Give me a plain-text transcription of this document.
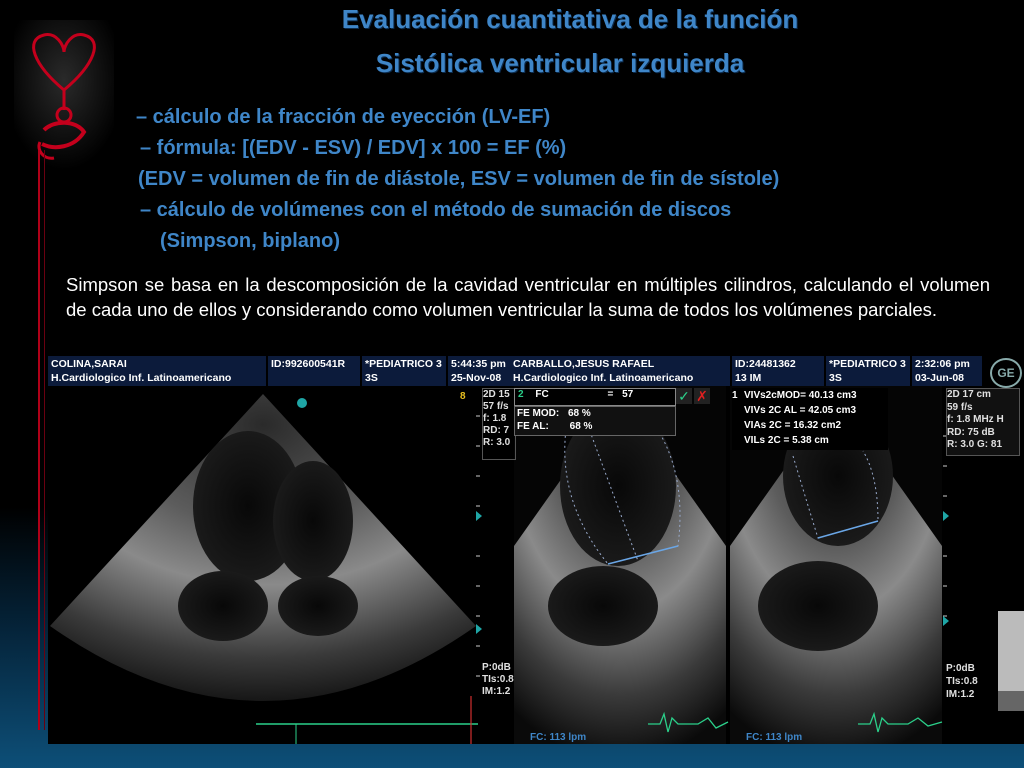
Evaluación cuantitativa de la función
Sistólica ventricular izquierda
– cálculo de la fracción de eyección (LV-EF)
– fórmula: [(EDV - ESV) / EDV] x 100 = EF (%)
(EDV = volumen de fin de diástole, ESV = volumen de fin de sístole)
– cálculo de volúmenes con el método de sumación de discos
(Simpson, biplano)
Simpson se basa en la descomposición de la cavidad ventricular en múltiples cilindros, calculando el volumen de cada uno de ellos y considerando como volumen ventricular la suma de todos los volúmenes parciales.
COLINA,SARAI
H.Cardiologico Inf. Latinoamericano
ID:992600541R	*PEDIATRICO 3
3S
5:44:35 pm
25-Nov-08
8 2D 15
57 f/s
f: 1.8
RD: 7
R: 3.0
P:0dB
TIs:0.8
IM:1.2
CARBALLO,JESUS RAFAEL
H.Cardiologico Inf. Latinoamericano
ID:24481362
13 IM
*PEDIATRICO 3
3S
2:32:06 pm
03-Jun-08	GE
2 FC	= 57	✓ ✗
FE MOD: 68 %
FE AL: 68 %
1 VIVs2cMOD= 40.13 cm3
VIVs 2C AL = 42.05 cm3
VIAs 2C = 16.32 cm2
VILs 2C = 5.38 cm
2D 17 cm
59 f/s
f: 1.8 MHz H
RD: 75 dB
R: 3.0 G: 81
P:0dB
TIs:0.8
IM:1.2
FC: 113 lpm	FC: 113 lpm
